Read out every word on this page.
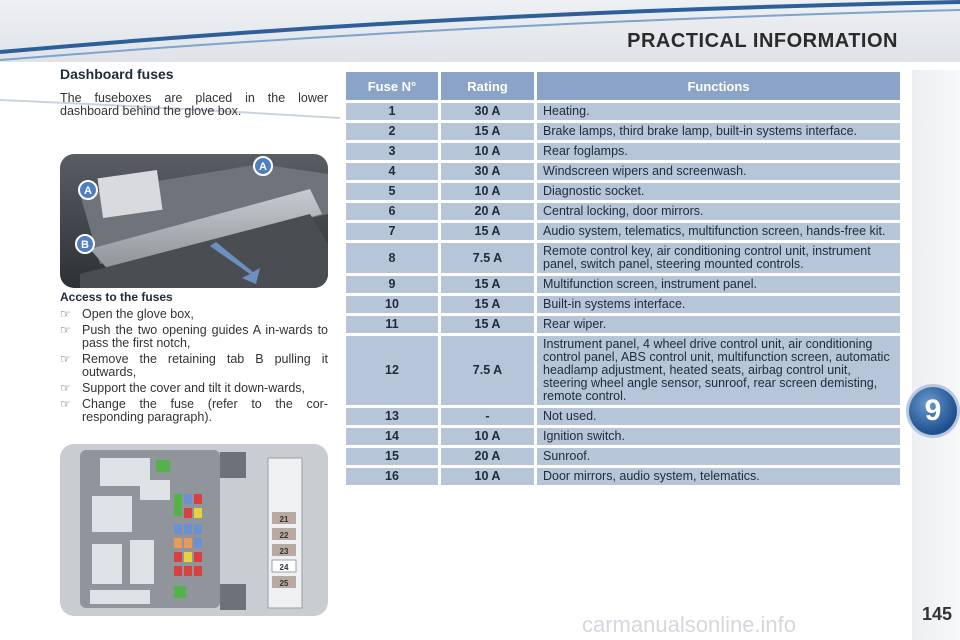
PRACTICAL INFORMATION
9
Dashboard fuses
The fuseboxes are placed in the lower dashboard behind the glove box.
A
A
B
Access to the fuses
☞ Open the glove box,
☞ Push the two opening guides A in-wards to pass the first notch,
☞ Remove the retaining tab B pulling it outwards,
☞ Support the cover and tilt it down-wards,
☞ Change the fuse (refer to the cor-responding paragraph).
21
22
23
24
25
Fuse N°	Rating	Functions
1	30 A	Heating.
2	15 A	Brake lamps, third brake lamp, built-in systems interface.
3	10 A	Rear foglamps.
4	30 A	Windscreen wipers and screenwash.
5	10 A	Diagnostic socket.
6	20 A	Central locking, door mirrors.
7	15 A	Audio system, telematics, multifunction screen, hands-free kit.
8	7.5 A	Remote control key, air conditioning control unit, instrument panel, switch panel, steering mounted controls.
9	15 A	Multifunction screen, instrument panel.
10	15 A	Built-in systems interface.
11	15 A	Rear wiper.
12	7.5 A	Instrument panel, 4 wheel drive control unit, air conditioning control panel, ABS control unit, multifunction screen, automatic headlamp adjustment, heated seats, airbag control unit, steering wheel angle sensor, sunroof, rear screen demisting, remote control.
13	-	Not used.
14	10 A	Ignition switch.
15	20 A	Sunroof.
16	10 A	Door mirrors, audio system, telematics.
carmanualsonline.info	145
